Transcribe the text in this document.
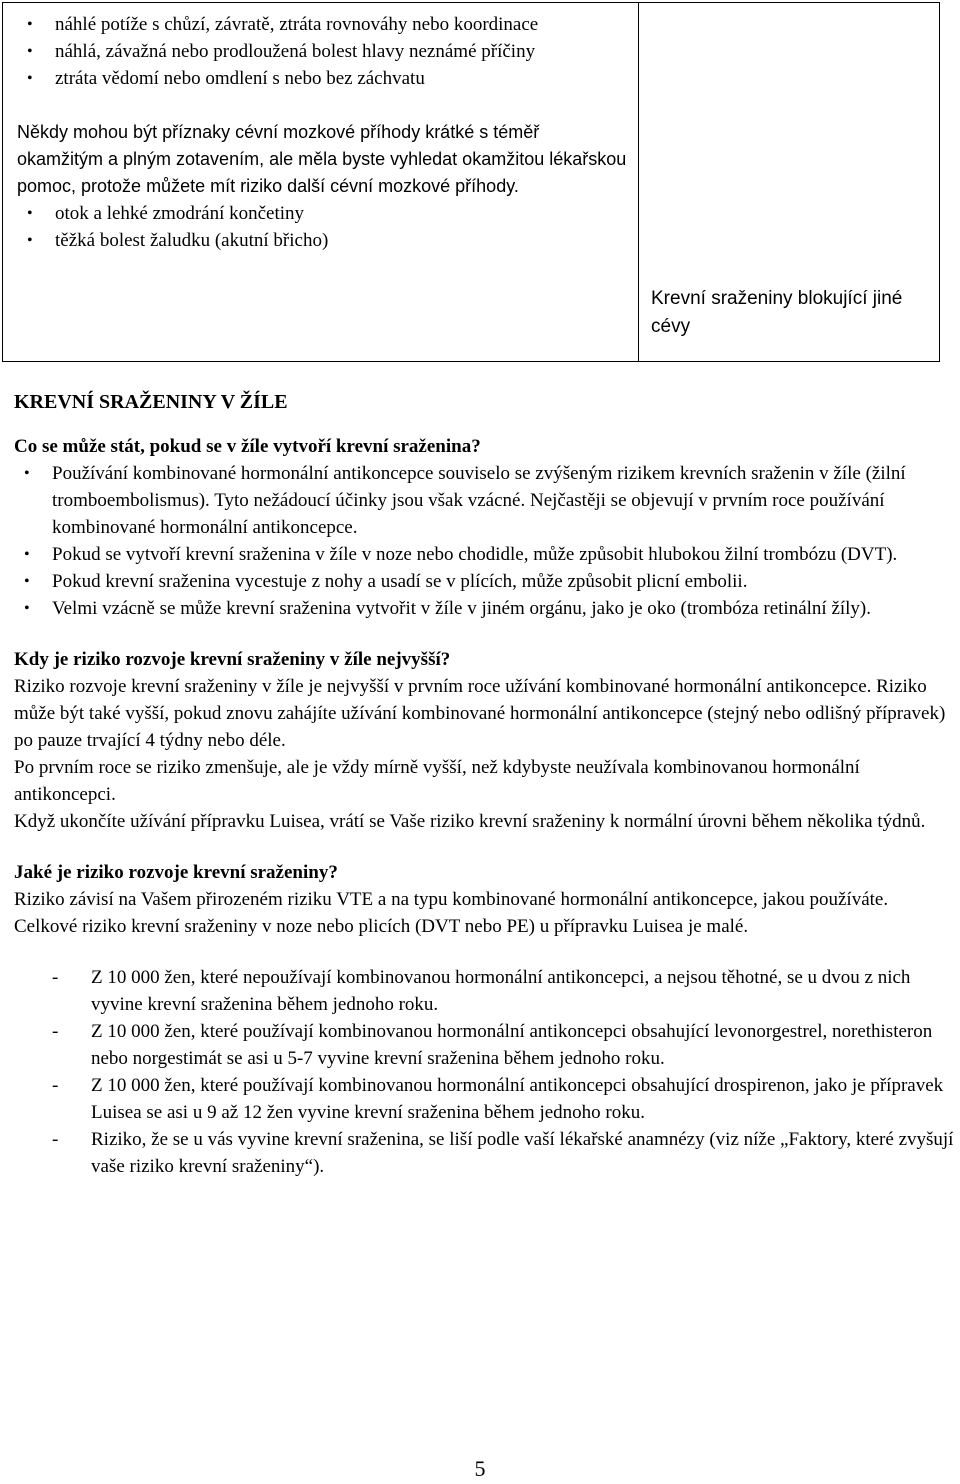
• náhlé potíže s chůzí, závratě, ztráta rovnováhy nebo koordinace
• náhlá, závažná nebo prodloužená bolest hlavy neznámé příčiny
• ztráta vědomí nebo omdlení s nebo bez záchvatu

Někdy mohou být příznaky cévní mozkové příhody krátké s téměř okamžitým a plným zotavením, ale měla byste vyhledat okamžitou lékařskou pomoc, protože můžete mít riziko další cévní mozkové příhody.

• otok a lehké zmodrání končetiny
• těžká bolest žaludku (akutní břicho)
Krevní sraženiny blokující jiné cévy
KREVNÍ SRAŽENINY V ŽÍLE

Co se může stát, pokud se v žíle vytvoří krevní sraženina?

• Používání kombinované hormonální antikoncepce souviselo se zvýšeným rizikem krevních sraženin v žíle (žilní tromboembolismus). Tyto nežádoucí účinky jsou však vzácné. Nejčastěji se objevují v prvním roce používání kombinované hormonální antikoncepce.
• Pokud se vytvoří krevní sraženina v žíle v noze nebo chodidle, může způsobit hlubokou žilní trombózu (DVT).
• Pokud krevní sraženina vycestuje z nohy a usadí se v plících, může způsobit plicní embolii.
• Velmi vzácně se může krevní sraženina vytvořit v žíle v jiném orgánu, jako je oko (trombóza retinální žíly).

Kdy je riziko rozvoje krevní sraženiny v žíle nejvyšší?

Riziko rozvoje krevní sraženiny v žíle je nejvyšší v prvním roce užívání kombinované hormonální antikoncepce. Riziko může být také vyšší, pokud znovu zahájíte užívání kombinované hormonální antikoncepce (stejný nebo odlišný přípravek) po pauze trvající 4 týdny nebo déle.

Po prvním roce se riziko zmenšuje, ale je vždy mírně vyšší, než kdybyste neužívala kombinovanou hormonální antikoncepci.

Když ukončíte užívání přípravku Luisea, vrátí se Vaše riziko krevní sraženiny k normální úrovni během několika týdnů.

Jaké je riziko rozvoje krevní sraženiny?

Riziko závisí na Vašem přirozeném riziku VTE a na typu kombinované hormonální antikoncepce, jakou používáte.

Celkové riziko krevní sraženiny v noze nebo plicích (DVT nebo PE) u přípravku Luisea je malé.

- Z 10 000 žen, které nepoužívají kombinovanou hormonální antikoncepci, a nejsou těhotné, se u dvou z nich vyvine krevní sraženina během jednoho roku.
- Z 10 000 žen, které používají kombinovanou hormonální antikoncepci obsahující levonorgestrel, norethisteron nebo norgestimát se asi u 5-7 vyvine krevní sraženina během jednoho roku.
- Z 10 000 žen, které používají kombinovanou hormonální antikoncepci obsahující drospirenon, jako je přípravek Luisea se asi u 9 až 12 žen vyvine krevní sraženina během jednoho roku.
- Riziko, že se u vás vyvine krevní sraženina, se liší podle vaší lékařské anamnézy (viz níže „Faktory, které zvyšují vaše riziko krevní sraženiny“).
5
